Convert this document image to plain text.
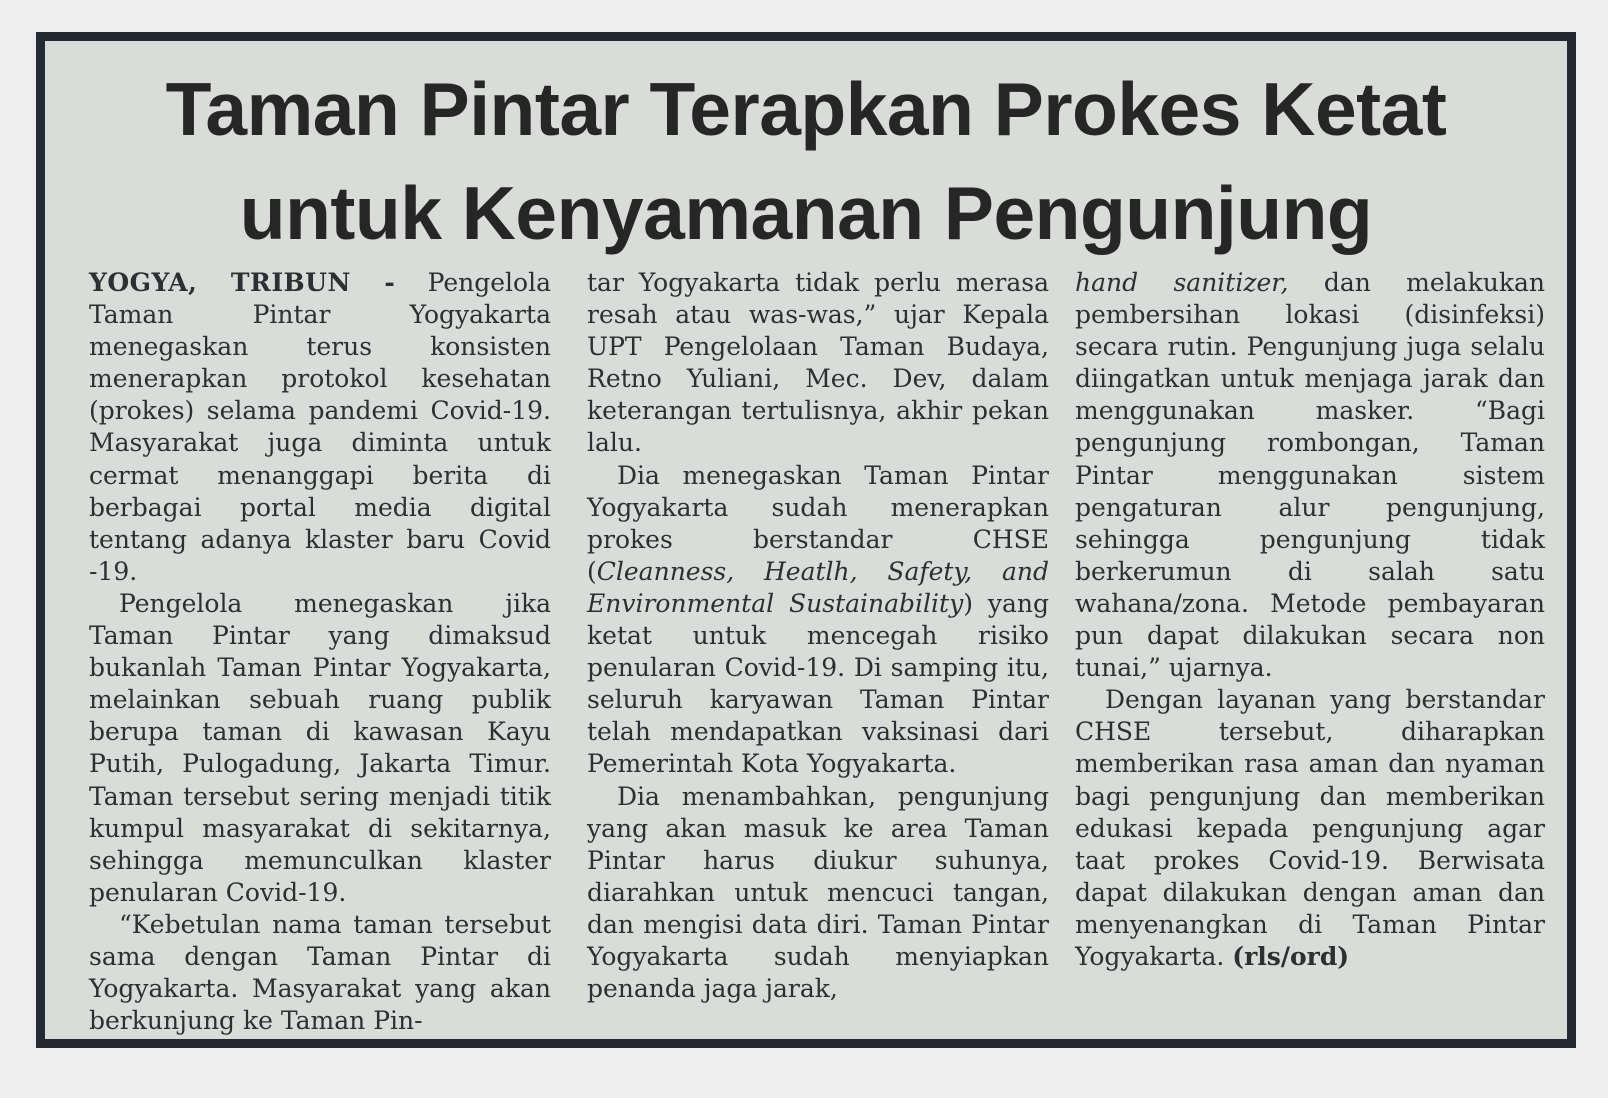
Taman Pintar Terapkan Prokes Ketat
untuk Kenyamanan Pengunjung

YOGYA, TRIBUN - Pengelola Taman Pintar Yogyakarta menegaskan terus konsisten menerapkan protokol kesehatan (prokes) selama pandemi Covid-19. Masyarakat juga diminta untuk cermat menanggapi berita di berbagai portal media digital tentang adanya klaster baru Covid -19.

Pengelola menegaskan jika Taman Pintar yang dimaksud bukanlah Taman Pintar Yogyakarta, melainkan sebuah ruang publik berupa taman di kawasan Kayu Putih, Pulogadung, Jakarta Timur. Taman tersebut sering menjadi titik kumpul masyarakat di sekitarnya, sehingga memunculkan klaster penularan Covid-19.

“Kebetulan nama taman tersebut sama dengan Taman Pintar di Yogyakarta. Masyarakat yang akan berkunjung ke Taman Pin-

tar Yogyakarta tidak perlu merasa resah atau was-was,” ujar Kepala UPT Pengelolaan Taman Budaya, Retno Yuliani, Mec. Dev, dalam keterangan tertulisnya, akhir pekan lalu.

Dia menegaskan Taman Pintar Yogyakarta sudah menerapkan prokes berstandar CHSE (Cleanness, Heatlh, Safety, and Environmental Sustainability) yang ketat untuk mencegah risiko penularan Covid-19. Di samping itu, seluruh karyawan Taman Pintar telah mendapatkan vaksinasi dari Pemerintah Kota Yogyakarta.

Dia menambahkan, pengunjung yang akan masuk ke area Taman Pintar harus diukur suhunya, diarahkan untuk mencuci tangan, dan mengisi data diri. Taman Pintar Yogyakarta sudah menyiapkan penanda jaga jarak,

hand sanitizer, dan melakukan pembersihan lokasi (disinfeksi) secara rutin. Pengunjung juga selalu diingatkan untuk menjaga jarak dan menggunakan masker. “Bagi pengunjung rombongan, Taman Pintar menggunakan sistem pengaturan alur pengunjung, sehingga pengunjung tidak berkerumun di salah satu wahana/zona. Metode pembayaran pun dapat dilakukan secara non tunai,” ujarnya.

Dengan layanan yang berstandar CHSE tersebut, diharapkan memberikan rasa aman dan nyaman bagi pengunjung dan memberikan edukasi kepada pengunjung agar taat prokes Covid-19. Berwisata dapat dilakukan dengan aman dan menyenangkan di Taman Pintar Yogyakarta. (rls/ord)
